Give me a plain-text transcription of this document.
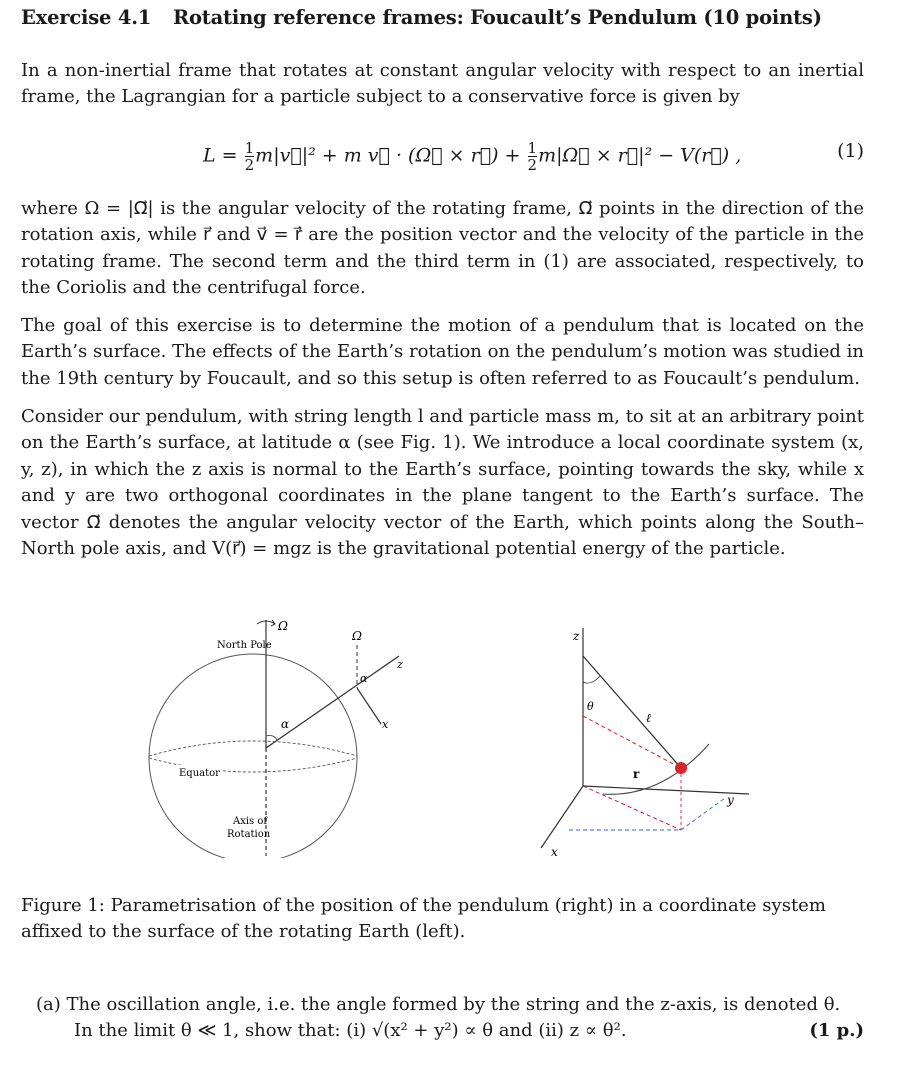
Exercise 4.1 Rotating reference frames: Foucault’s Pendulum (10 points)

In a non-inertial frame that rotates at constant angular velocity with respect to an inertial frame, the Lagrangian for a particle subject to a conservative force is given by

$L = \frac{1}{2}$ m|v⃗|² + m v⃗ · (Ω⃗ × r⃗) + $\frac{1}{2}$ m|Ω⃗ × r⃗|² − V(r⃗) ,	(1)

where Ω = |Ω⃗| is the angular velocity of the rotating frame, Ω⃗ points in the direction of the rotation axis, while r⃗ and v⃗ = ṙ⃗ are the position vector and the velocity of the particle in the rotating frame. The second term and the third term in (1) are associated, respectively, to the Coriolis and the centrifugal force.

The goal of this exercise is to determine the motion of a pendulum that is located on the Earth’s surface. The effects of the Earth’s rotation on the pendulum’s motion was studied in the 19th century by Foucault, and so this setup is often referred to as Foucault’s pendulum.

Consider our pendulum, with string length l and particle mass m, to sit at an arbitrary point on the Earth’s surface, at latitude α (see Fig. 1). We introduce a local coordinate system (x, y, z), in which the z axis is normal to the Earth’s surface, pointing towards the sky, while x and y are two orthogonal coordinates in the plane tangent to the Earth’s surface. The vector Ω⃗ denotes the angular velocity vector of the Earth, which points along the South–North pole axis, and V(r⃗) = mgz is the gravitational potential energy of the particle.

Ω
North Pole
α
Ω
α
z
x
Equator
Axis of
Rotation
z
θ
ℓ
r
y
x
Figure 1: Parametrisation of the position of the pendulum (right) in a coordinate system affixed to the surface of the rotating Earth (left).
(a) The oscillation angle, i.e. the angle formed by the string and the z-axis, is denoted θ.
In the limit θ ≪ 1, show that: (i) √(x² + y²) ∝ θ and (ii) z ∝ θ².	(1 p.)
